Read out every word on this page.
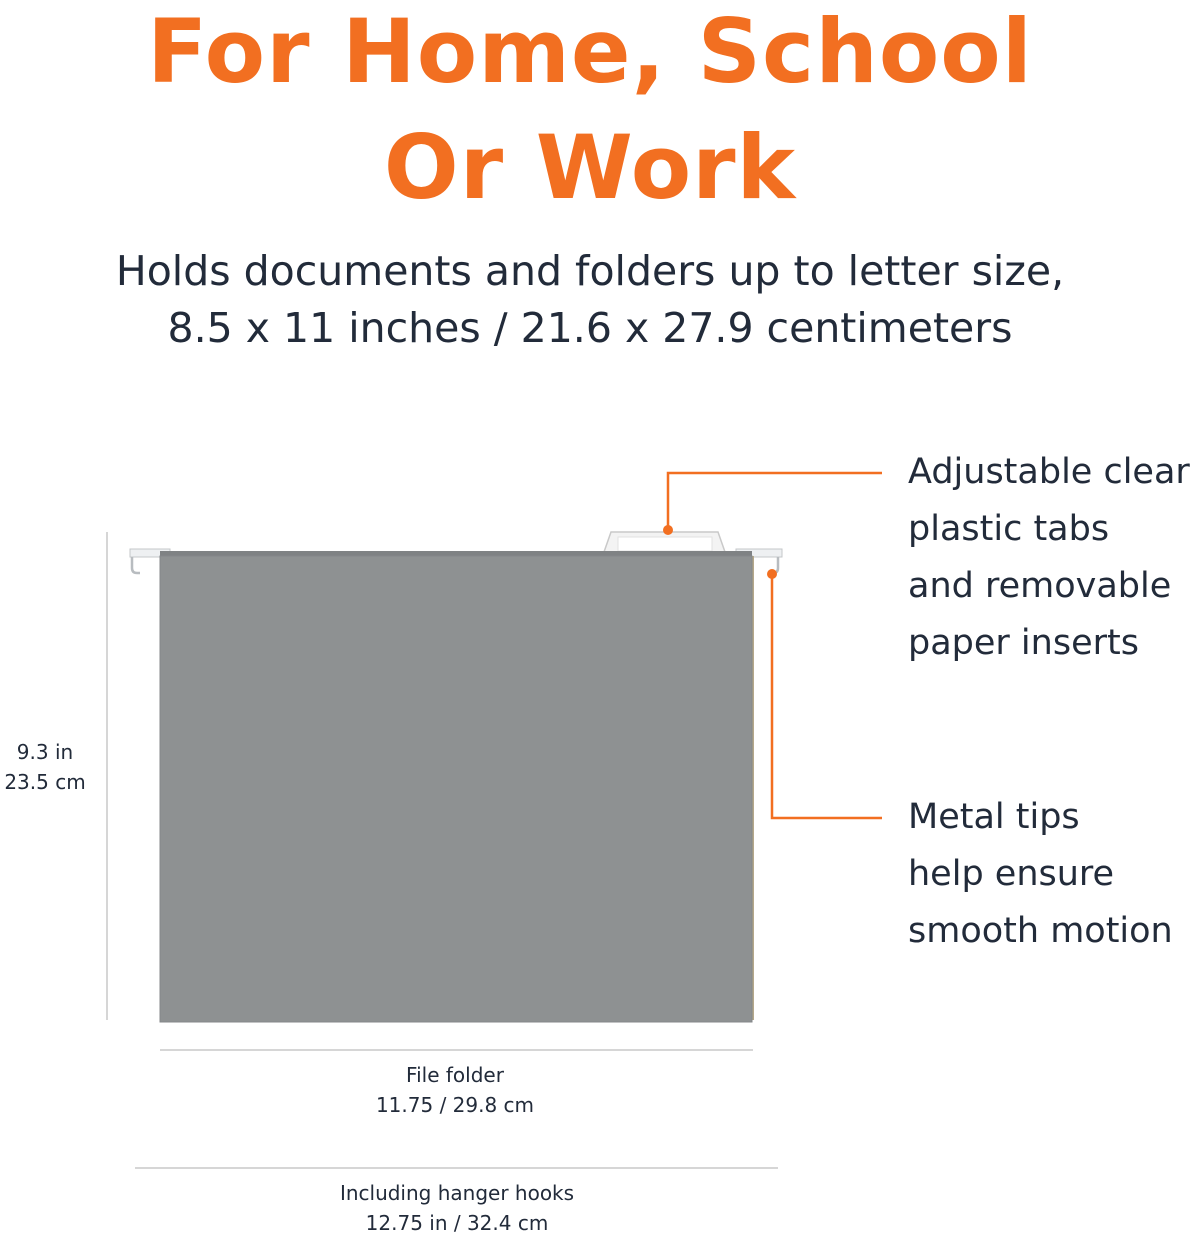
For Home, School
Or Work
Holds documents and folders up to letter size,
8.5 x 11 inches / 21.6 x 27.9 centimeters
Adjustable clear
plastic tabs
and removable
paper inserts
Metal tips
help ensure
smooth motion
9.3 in
23.5 cm
File folder
11.75 / 29.8 cm
Including hanger hooks
12.75 in / 32.4 cm
